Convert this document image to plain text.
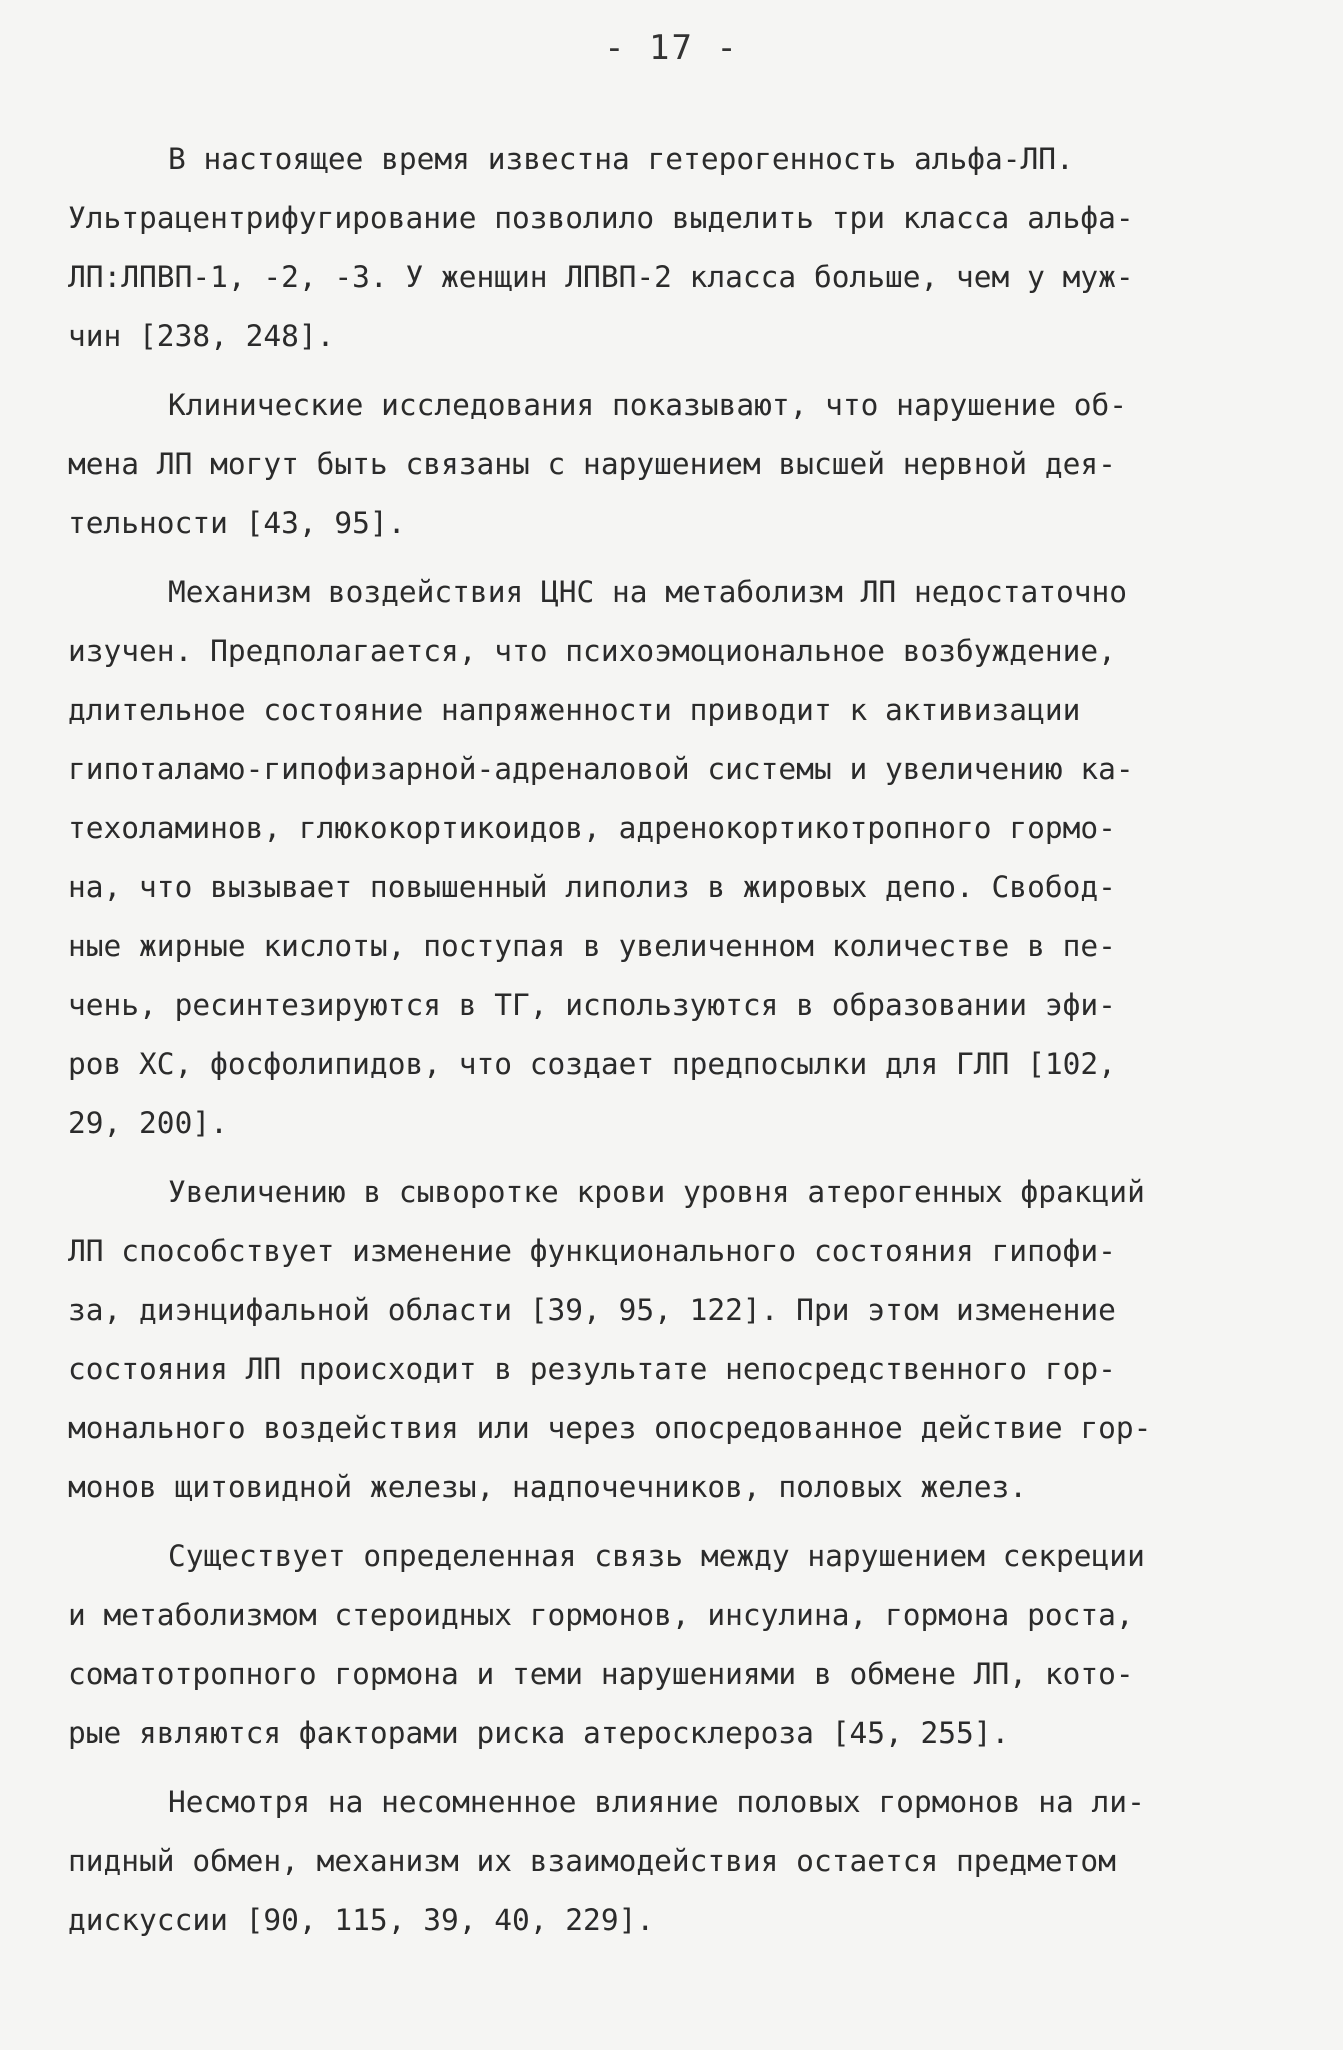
- 17 -
В настоящее время известна гетерогенность альфа-ЛП.
Ультрацентрифугирование позволило выделить три класса альфа-
ЛП:ЛПВП-1, -2, -3. У женщин ЛПВП-2 класса больше, чем у муж-
чин [238, 248].
Клинические исследования показывают, что нарушение об-
мена ЛП могут быть связаны с нарушением высшей нервной дея-
тельности [43, 95].
Механизм воздействия ЦНС на метаболизм ЛП недостаточно
изучен. Предполагается, что психоэмоциональное возбуждение,
длительное состояние напряженности приводит к активизации
гипоталамо-гипофизарной-адреналовой системы и увеличению ка-
техоламинов, глюкокортикоидов, адренокортикотропного гормо-
на, что вызывает повышенный липолиз в жировых депо. Свобод-
ные жирные кислоты, поступая в увеличенном количестве в пе-
чень, ресинтезируются в ТГ, используются в образовании эфи-
ров ХС, фосфолипидов, что создает предпосылки для ГЛП [102,
29, 200].
Увеличению в сыворотке крови уровня атерогенных фракций
ЛП способствует изменение функционального состояния гипофи-
за, диэнцифальной области [39, 95, 122]. При этом изменение
состояния ЛП происходит в результате непосредственного гор-
монального воздействия или через опосредованное действие гор-
монов щитовидной железы, надпочечников, половых желез.
Существует определенная связь между нарушением секреции
и метаболизмом стероидных гормонов, инсулина, гормона роста,
соматотропного гормона и теми нарушениями в обмене ЛП, кото-
рые являются факторами риска атеросклероза [45, 255].
Несмотря на несомненное влияние половых гормонов на ли-
пидный обмен, механизм их взаимодействия остается предметом
дискуссии [90, 115, 39, 40, 229].
